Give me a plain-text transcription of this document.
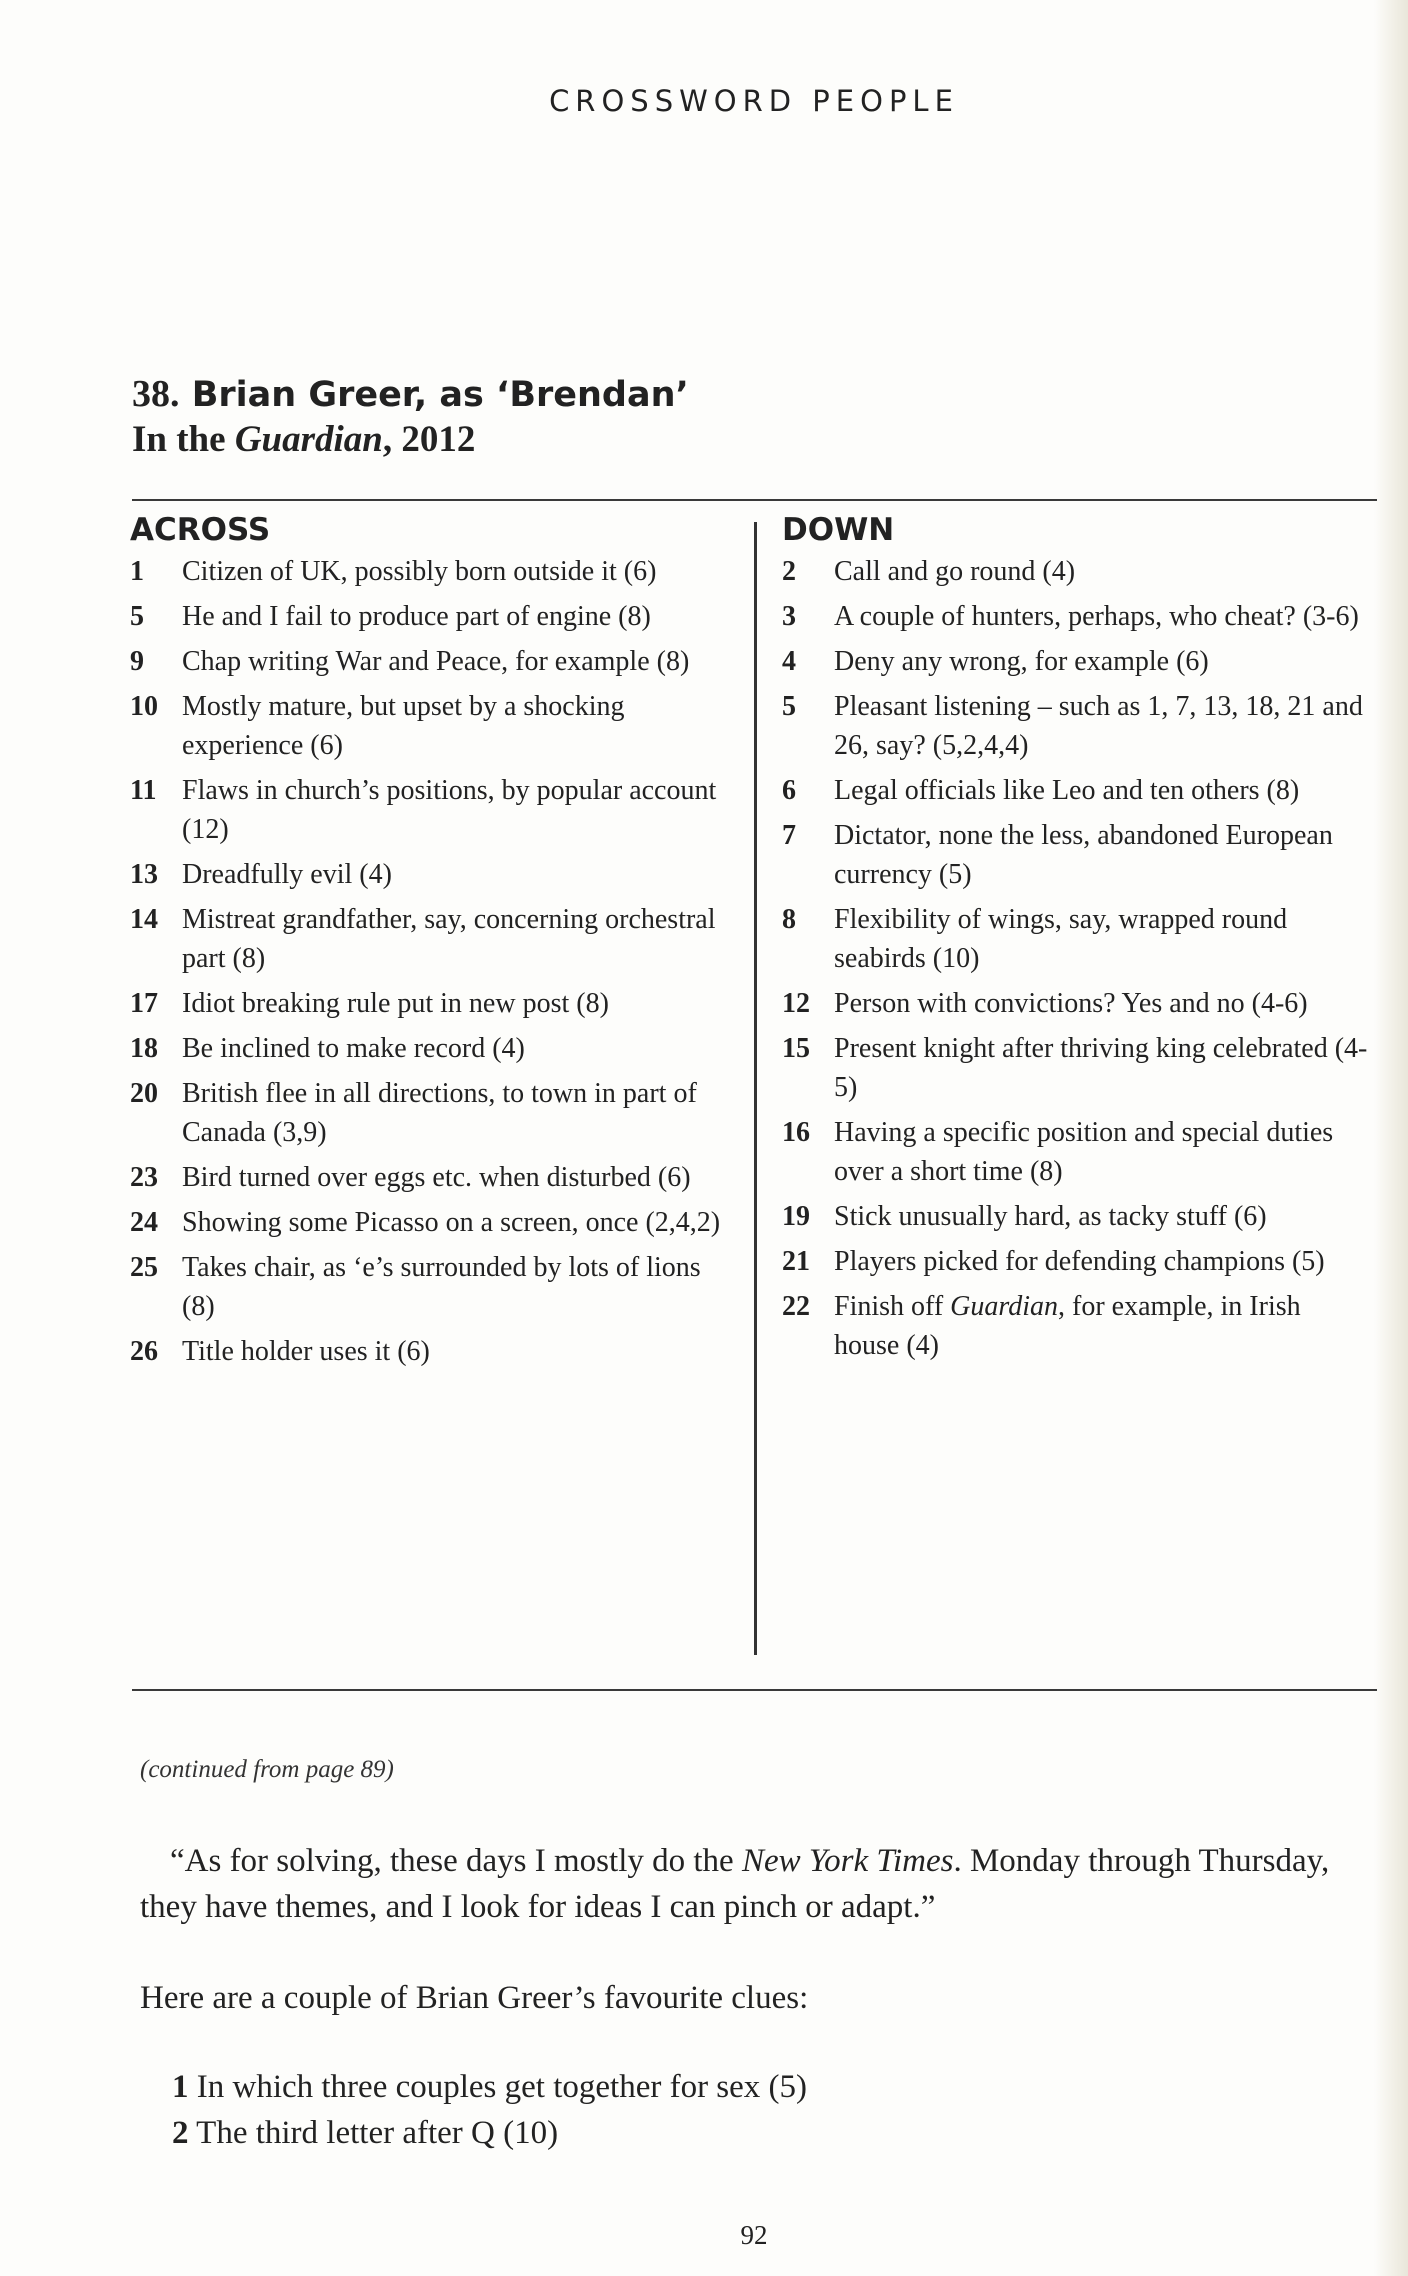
CROSSWORD PEOPLE
38. Brian Greer, as ‘Brendan’
In the Guardian, 2012
ACROSS
1	Citizen of UK, possibly born outside it (6)
5	He and I fail to produce part of engine (8)
9	Chap writing War and Peace, for example (8)
10 Mostly mature, but upset by a shocking experience (6)
11 Flaws in church’s positions, by popular account (12)
13 Dreadfully evil (4)
14 Mistreat grandfather, say, concerning orchestral part (8)
17 Idiot breaking rule put in new post (8)
18 Be inclined to make record (4)
20 British flee in all directions, to town in part of Canada (3,9)
23 Bird turned over eggs etc. when disturbed (6)
24 Showing some Picasso on a screen, once (2,4,2)
25 Takes chair, as ‘e’s surrounded by lots of lions (8)
26 Title holder uses it (6)
DOWN
2	Call and go round (4)
3	A couple of hunters, perhaps, who cheat? (3-6)
4	Deny any wrong, for example (6)
5	Pleasant listening – such as 1, 7, 13, 18, 21 and 26, say? (5,2,4,4)
6	Legal officials like Leo and ten others (8)
7	Dictator, none the less, abandoned European currency (5)
8	Flexibility of wings, say, wrapped round seabirds (10)
12 Person with convictions? Yes and no (4-6)
15 Present knight after thriving king celebrated (4-5)
16 Having a specific position and special duties over a short time (8)
19 Stick unusually hard, as tacky stuff (6)
21 Players picked for defending champions (5)
22 Finish off Guardian, for example, in Irish house (4)
(continued from page 89)
“As for solving, these days I mostly do the New York Times. Monday through Thursday, they have themes, and I look for ideas I can pinch or adapt.”
Here are a couple of Brian Greer’s favourite clues:
1 In which three couples get together for sex (5)
2 The third letter after Q (10)
92
